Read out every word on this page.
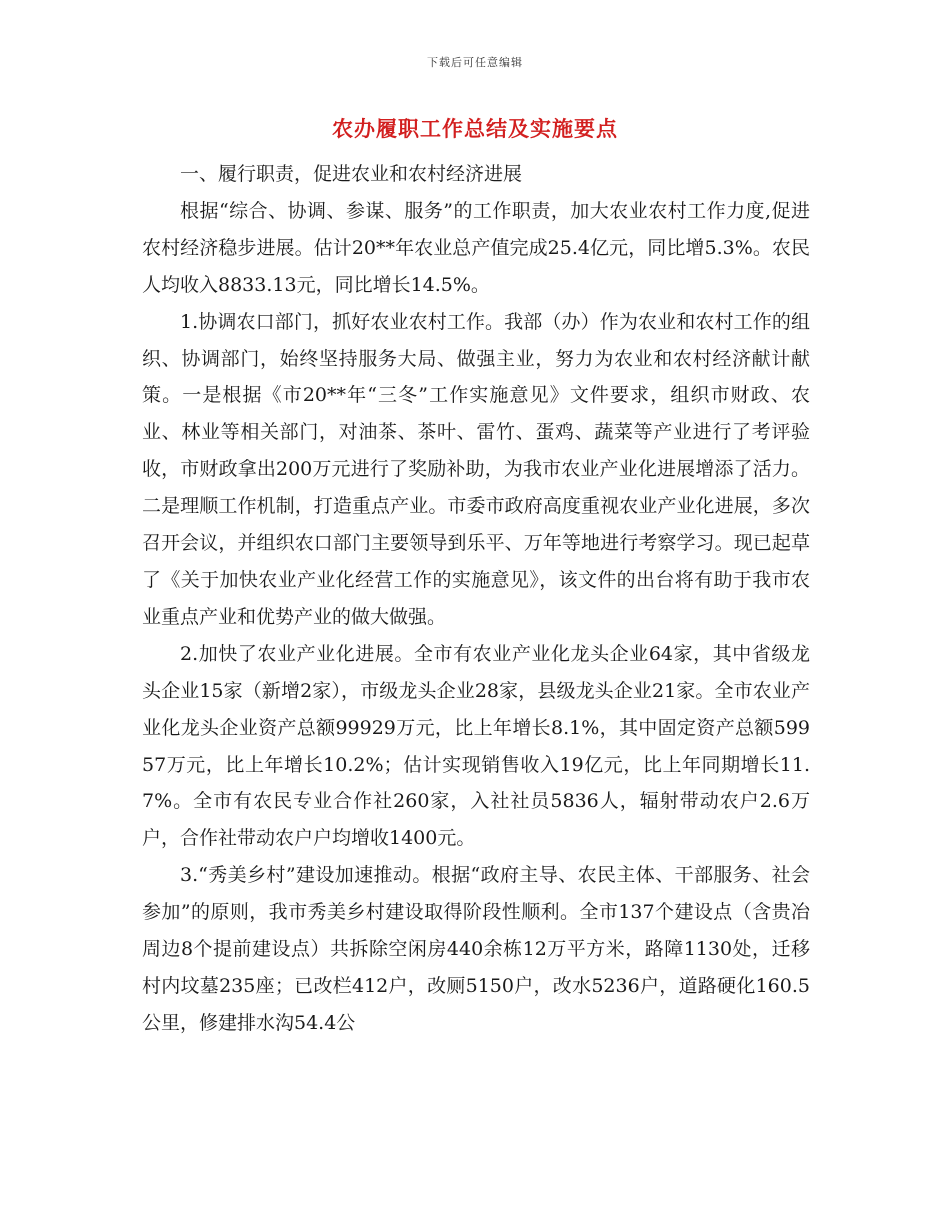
下载后可任意编辑
农办履职工作总结及实施要点

一、履行职责，促进农业和农村经济进展

根据“综合、协调、参谋、服务”的工作职责，加大农业农村工作力度,促进农村经济稳步进展。估计20**年农业总产值完成25.4亿元，同比增5.3%。农民人均收入8833.13元，同比增长14.5%。

1.协调农口部门，抓好农业农村工作。我部（办）作为农业和农村工作的组织、协调部门，始终坚持服务大局、做强主业，努力为农业和农村经济献计献策。一是根据《市20**年“三冬”工作实施意见》文件要求，组织市财政、农业、林业等相关部门，对油茶、茶叶、雷竹、蛋鸡、蔬菜等产业进行了考评验收，市财政拿出200万元进行了奖励补助，为我市农业产业化进展增添了活力。二是理顺工作机制，打造重点产业。市委市政府高度重视农业产业化进展，多次召开会议，并组织农口部门主要领导到乐平、万年等地进行考察学习。现已起草了《关于加快农业产业化经营工作的实施意见》，该文件的出台将有助于我市农业重点产业和优势产业的做大做强。

2.加快了农业产业化进展。全市有农业产业化龙头企业64家，其中省级龙头企业15家（新增2家），市级龙头企业28家，县级龙头企业21家。全市农业产业化龙头企业资产总额99929万元，比上年增长8.1%，其中固定资产总额59957万元，比上年增长10.2%；估计实现销售收入19亿元，比上年同期增长11.7%。全市有农民专业合作社260家，入社社员5836人，辐射带动农户2.6万户，合作社带动农户户均增收1400元。

3.“秀美乡村”建设加速推动。根据“政府主导、农民主体、干部服务、社会参加”的原则，我市秀美乡村建设取得阶段性顺利。全市137个建设点（含贵冶周边8个提前建设点）共拆除空闲房440余栋12万平方米，路障1130处，迁移村内坟墓235座；已改栏412户，改厕5150户，改水5236户，道路硬化160.5公里，修建排水沟54.4公
